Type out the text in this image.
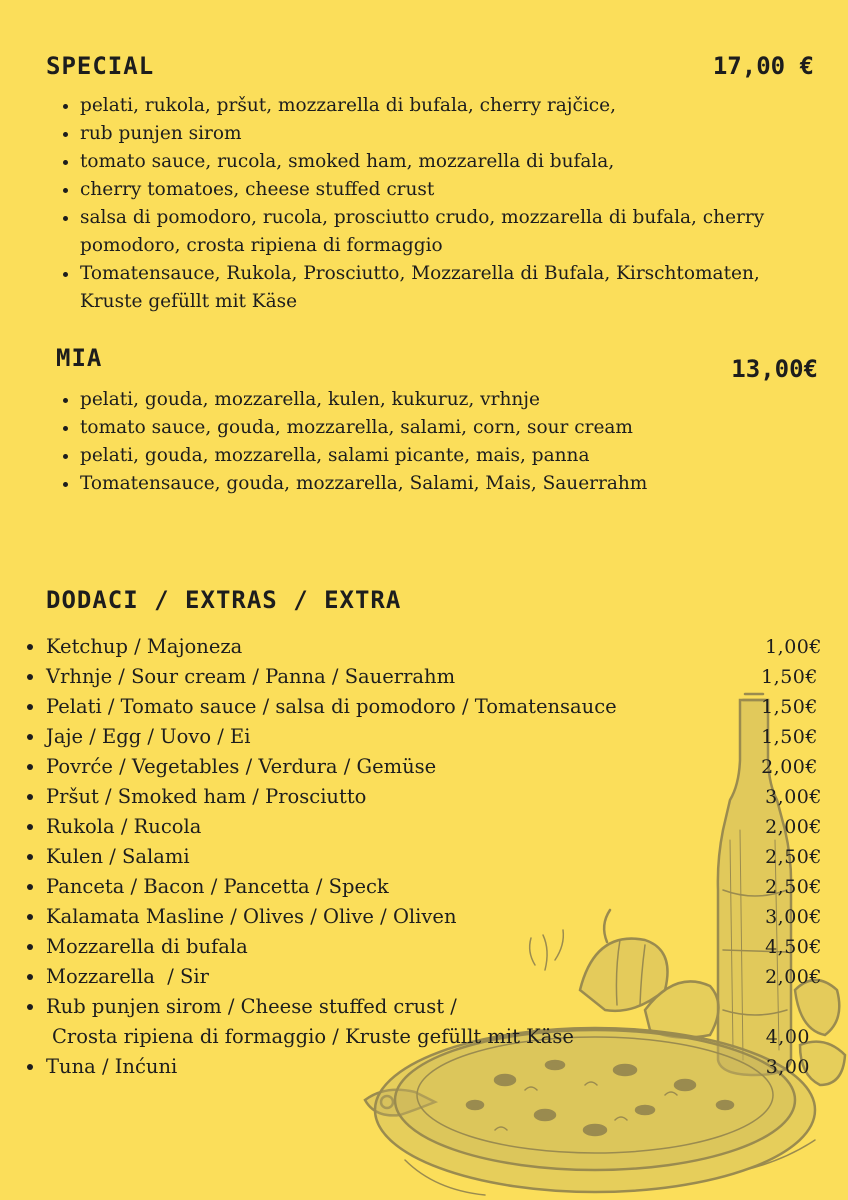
SPECIAL	17,00 €
• pelati, rukola, pršut, mozzarella di bufala, cherry rajčice,
• rub punjen sirom
• tomato sauce, rucola, smoked ham, mozzarella di bufala,
• cherry tomatoes, cheese stuffed crust
• salsa di pomodoro, rucola, prosciutto crudo, mozzarella di bufala, cherry pomodoro, crosta ripiena di formaggio
• Tomatensauce, Rukola, Prosciutto, Mozzarella di Bufala, Kirschtomaten, Kruste gefüllt mit Käse
MIA	13,00€
• pelati, gouda, mozzarella, kulen, kukuruz, vrhnje
• tomato sauce, gouda, mozzarella, salami, corn, sour cream
• pelati, gouda, mozzarella, salami picante, mais, panna
• Tomatensauce, gouda, mozzarella, Salami, Mais, Sauerrahm
DODACI / EXTRAS / EXTRA
• Ketchup / Majoneza	1,00€
• Vrhnje / Sour cream / Panna / Sauerrahm	1,50€
• Pelati / Tomato sauce / salsa di pomodoro / Tomatensauce	1,50€
• Jaje / Egg / Uovo / Ei	1,50€
• Povrće / Vegetables / Verdura / Gemüse	2,00€
• Pršut / Smoked ham / Prosciutto	3,00€
• Rukola / Rucola	2,00€
• Kulen / Salami	2,50€
• Panceta / Bacon / Pancetta / Speck	2,50€
• Kalamata Masline / Olives / Olive / Oliven	3,00€
• Mozzarella di bufala	4,50€
• Mozzarella  / Sir	2,00€
• Rub punjen sirom / Cheese stuffed crust /
Crosta ripiena di formaggio / Kruste gefüllt mit Käse	4,00
• Tuna / Inćuni	3,00
